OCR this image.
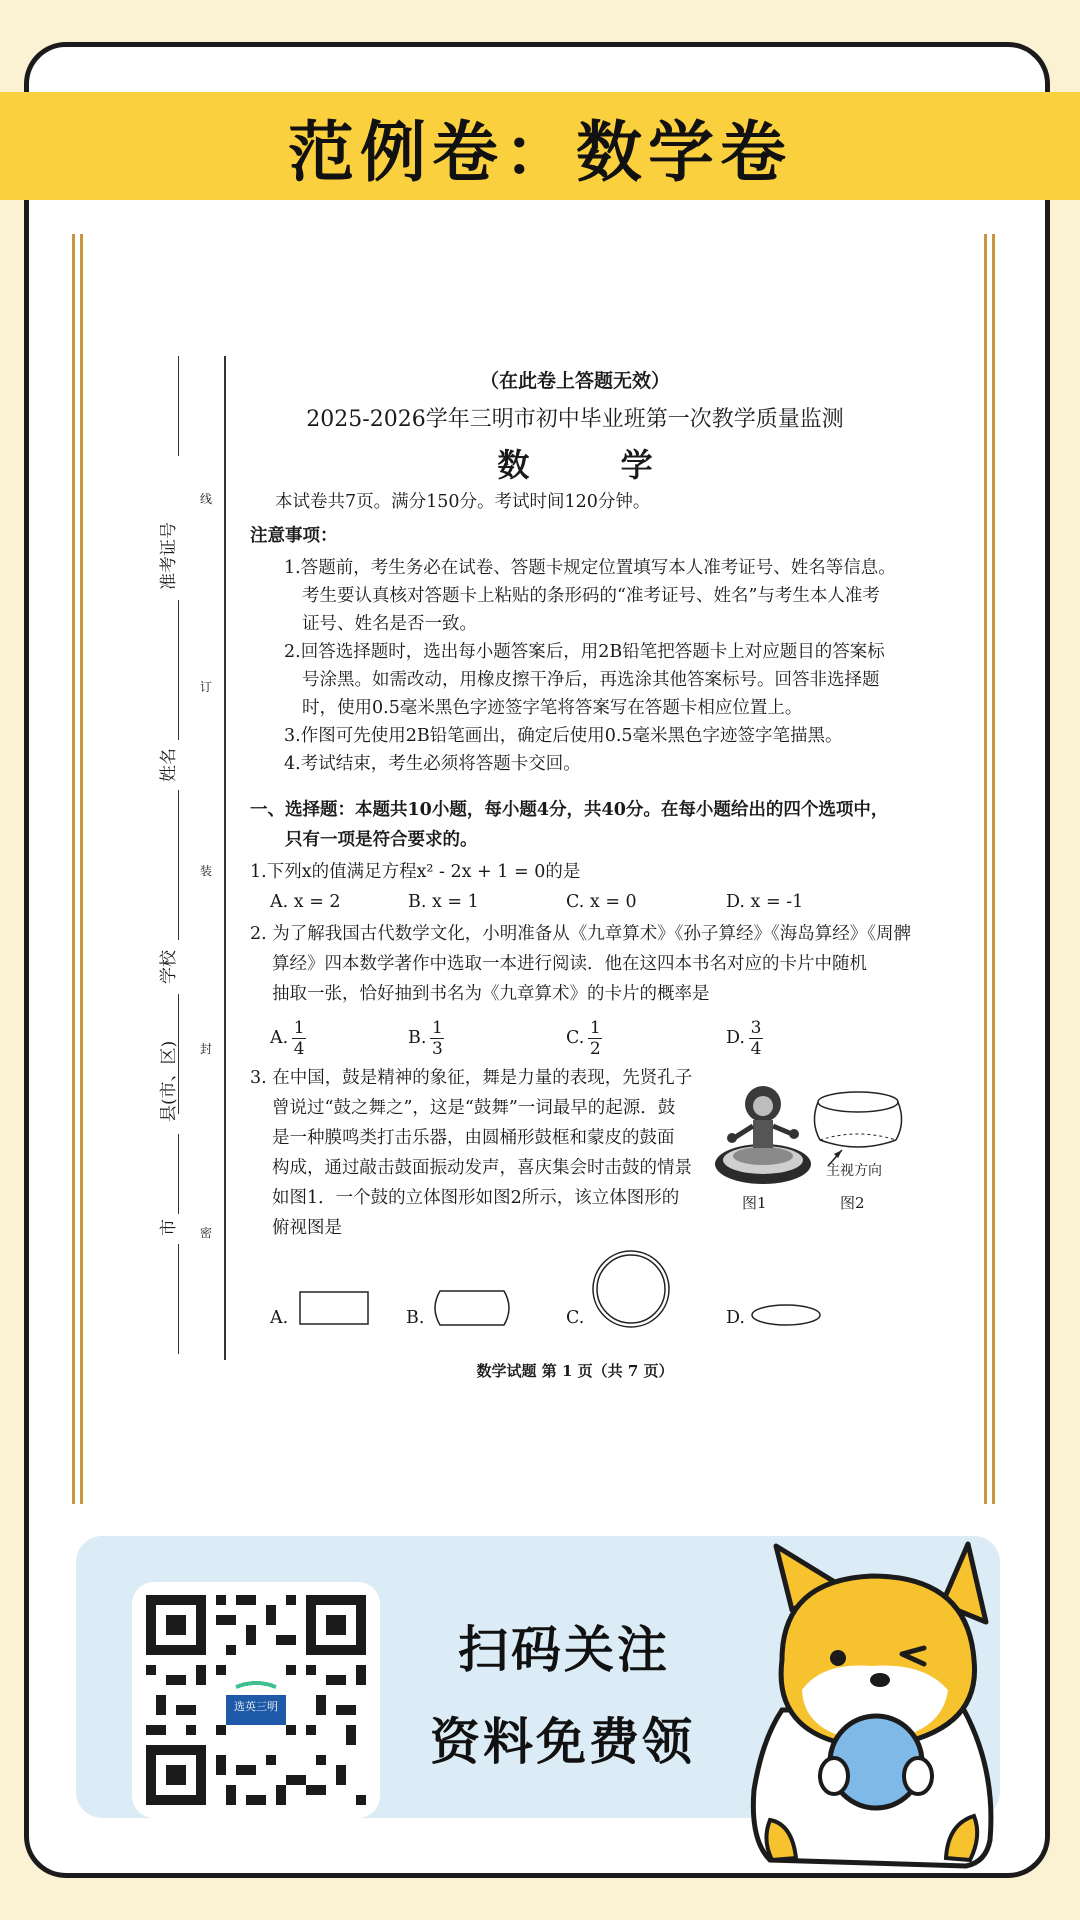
范例卷：数学卷
准考证号
姓名
学校
县(市、区)
市
线
订
装
封
密
（在此卷上答题无效）
2025-2026学年三明市初中毕业班第一次教学质量监测
数 学
本试卷共7页。满分150分。考试时间120分钟。
注意事项：
1.答题前，考生务必在试卷、答题卡规定位置填写本人准考证号、姓名等信息。
考生要认真核对答题卡上粘贴的条形码的“准考证号、姓名”与考生本人准考
证号、姓名是否一致。
2.回答选择题时，选出每小题答案后，用2B铅笔把答题卡上对应题目的答案标
号涂黑。如需改动，用橡皮擦干净后，再选涂其他答案标号。回答非选择题
时，使用0.5毫米黑色字迹签字笔将答案写在答题卡相应位置上。
3.作图可先使用2B铅笔画出，确定后使用0.5毫米黑色字迹签字笔描黑。
4.考试结束，考生必须将答题卡交回。
一、选择题：本题共10小题，每小题4分，共40分。在每小题给出的四个选项中，
只有一项是符合要求的。
1.下列x的值满足方程x² - 2x + 1 = 0的是
A. x = 2	B. x = 1	C. x = 0	D. x = -1
2. 为了解我国古代数学文化，小明准备从《九章算术》《孙子算经》《海岛算经》《周髀
算经》四本数学著作中选取一本进行阅读．他在这四本书名对应的卡片中随机
抽取一张，恰好抽到书名为《九章算术》的卡片的概率是
A. $\frac{1}{4}$	B. $\frac{1}{3}$	C. $\frac{1}{2}$	D. $\frac{3}{4}$
3. 在中国，鼓是精神的象征，舞是力量的表现，先贤孔子
曾说过“鼓之舞之”，这是“鼓舞”一词最早的起源．鼓
是一种膜鸣类打击乐器，由圆桶形鼓框和蒙皮的鼓面
构成，通过敲击鼓面振动发声，喜庆集会时击鼓的情景
如图1．一个鼓的立体图形如图2所示，该立体图形的
俯视图是
图1
主视方向
图2
A.	B.	C.	D.
数学试题 第 1 页（共 7 页）
选英三明
扫码关注
资料免费领
